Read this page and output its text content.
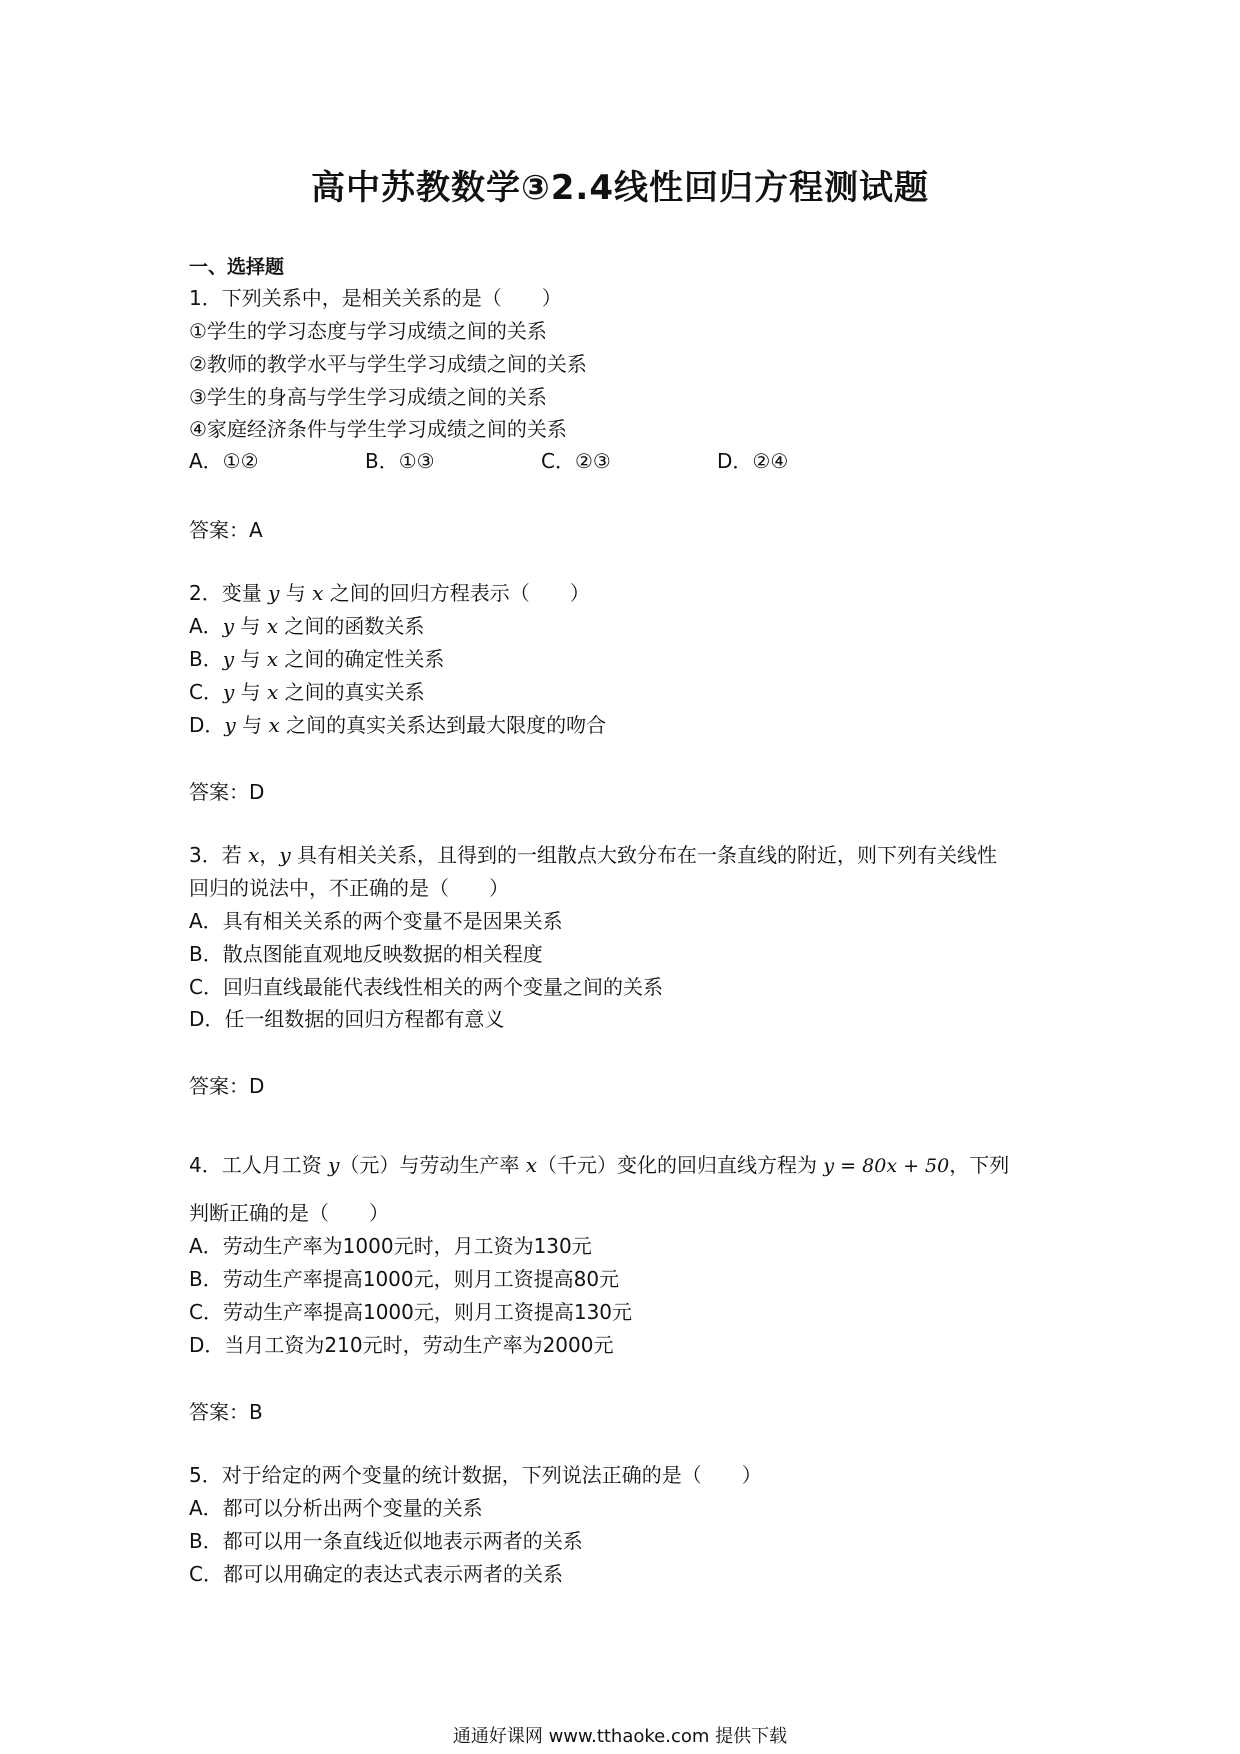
高中苏教数学③2.4线性回归方程测试题
一、选择题
1．下列关系中，是相关关系的是（　　）
①学生的学习态度与学习成绩之间的关系
②教师的教学水平与学生学习成绩之间的关系
③学生的身高与学生学习成绩之间的关系
④家庭经济条件与学生学习成绩之间的关系
A．①②	B．①③	C．②③	D．②④
答案：A
2．变量 y 与 x 之间的回归方程表示（　　）
A．y 与 x 之间的函数关系
B．y 与 x 之间的确定性关系
C．y 与 x 之间的真实关系
D．y 与 x 之间的真实关系达到最大限度的吻合
答案：D
3．若 x，y 具有相关关系，且得到的一组散点大致分布在一条直线的附近，则下列有关线性
回归的说法中，不正确的是（　　）
A．具有相关关系的两个变量不是因果关系
B．散点图能直观地反映数据的相关程度
C．回归直线最能代表线性相关的两个变量之间的关系
D．任一组数据的回归方程都有意义
答案：D
4．工人月工资 y（元）与劳动生产率 x（千元）变化的回归直线方程为 y = 80x + 50，下列
判断正确的是（　　）
A．劳动生产率为1000元时，月工资为130元
B．劳动生产率提高1000元，则月工资提高80元
C．劳动生产率提高1000元，则月工资提高130元
D．当月工资为210元时，劳动生产率为2000元
答案：B
5．对于给定的两个变量的统计数据，下列说法正确的是（　　）
A．都可以分析出两个变量的关系
B．都可以用一条直线近似地表示两者的关系
C．都可以用确定的表达式表示两者的关系
通通好课网 www.tthaoke.com 提供下载
